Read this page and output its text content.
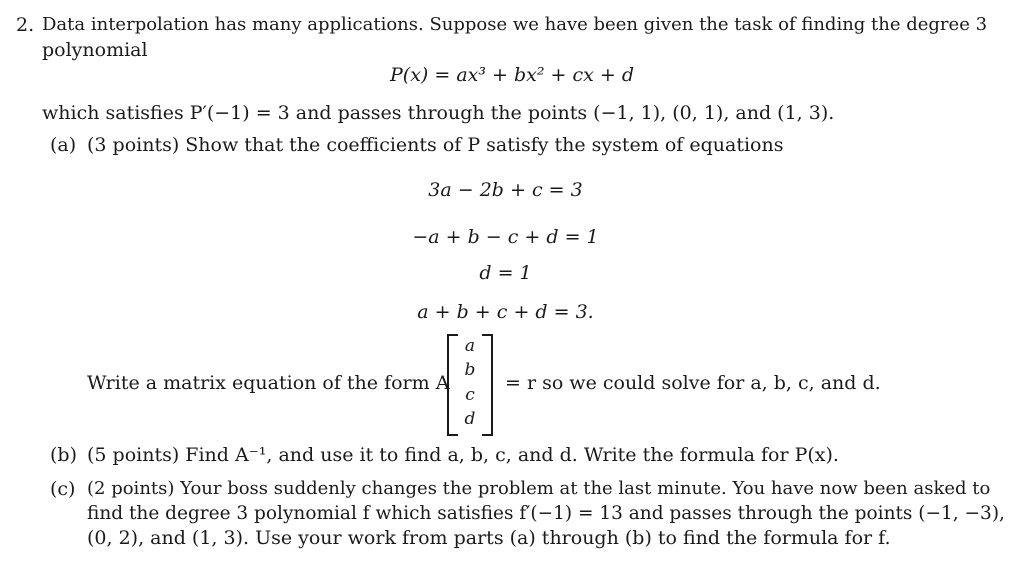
2. Data interpolation has many applications. Suppose we have been given the task of finding the degree 3
polynomial
P(x) = ax³ + bx² + cx + d
which satisfies P′(−1) = 3 and passes through the points (−1, 1), (0, 1), and (1, 3).
(a) (3 points) Show that the coefficients of P satisfy the system of equations
3a − 2b + c = 3
−a + b − c + d = 1
d = 1
a + b + c + d = 3.
Write a matrix equation of the form A
a
b
c
d
= r so we could solve for a, b, c, and d.
(b) (5 points) Find A⁻¹, and use it to find a, b, c, and d. Write the formula for P(x).
(c) (2 points) Your boss suddenly changes the problem at the last minute. You have now been asked to
find the degree 3 polynomial f which satisfies f′(−1) = 13 and passes through the points (−1, −3),
(0, 2), and (1, 3). Use your work from parts (a) through (b) to find the formula for f.
